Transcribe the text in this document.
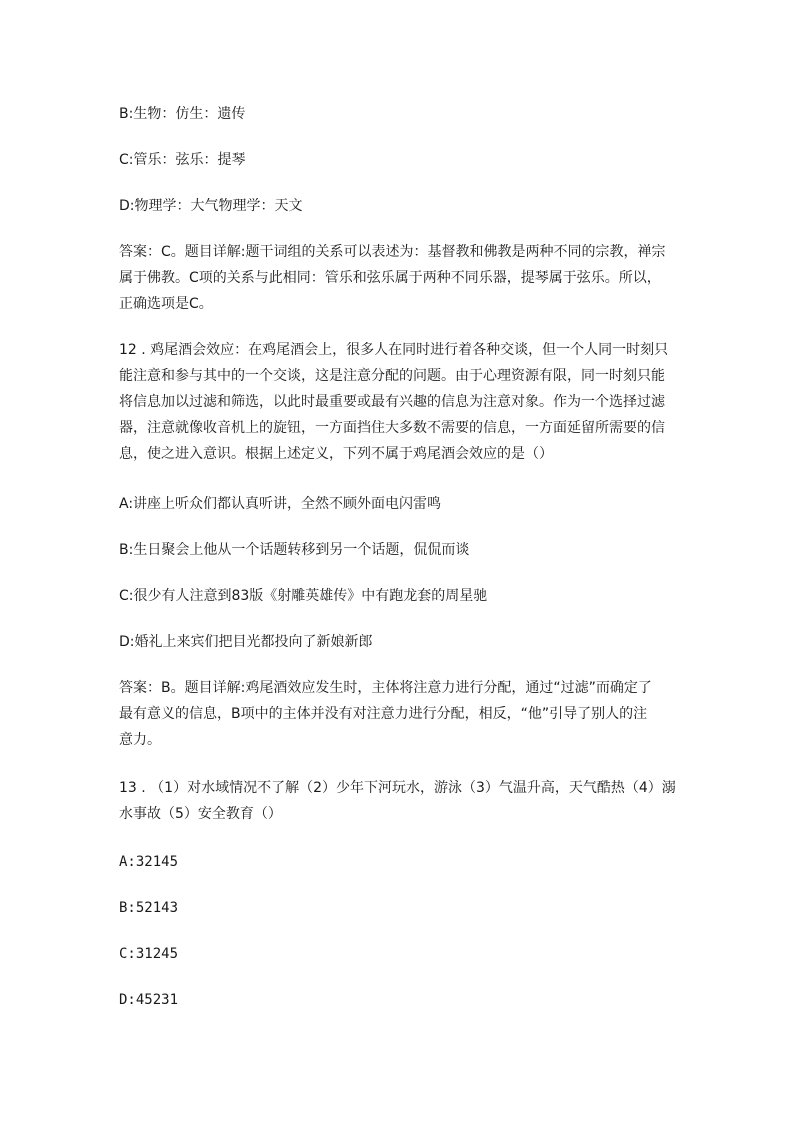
B:生物：仿生：遗传
C:管乐：弦乐：提琴
D:物理学：大气物理学：天文
答案：C。题目详解:题干词组的关系可以表述为：基督教和佛教是两种不同的宗教，禅宗
属于佛教。C项的关系与此相同：管乐和弦乐属于两种不同乐器，提琴属于弦乐。所以，
正确选项是C。
12 . 鸡尾酒会效应：在鸡尾酒会上，很多人在同时进行着各种交谈，但一个人同一时刻只
能注意和参与其中的一个交谈，这是注意分配的问题。由于心理资源有限，同一时刻只能
将信息加以过滤和筛选，以此时最重要或最有兴趣的信息为注意对象。作为一个选择过滤
器，注意就像收音机上的旋钮，一方面挡住大多数不需要的信息，一方面延留所需要的信
息，使之进入意识。根据上述定义，下列不属于鸡尾酒会效应的是（）
A:讲座上听众们都认真听讲，全然不顾外面电闪雷鸣
B:生日聚会上他从一个话题转移到另一个话题，侃侃而谈
C:很少有人注意到83版《射雕英雄传》中有跑龙套的周星驰
D:婚礼上来宾们把目光都投向了新娘新郎
答案：B。题目详解:鸡尾酒效应发生时，主体将注意力进行分配，通过“过滤”而确定了
最有意义的信息，B项中的主体并没有对注意力进行分配，相反，“他”引导了别人的注
意力。
13 . （1）对水域情况不了解（2）少年下河玩水，游泳（3）气温升高，天气酷热（4）溺
水事故（5）安全教育（）
A:32145
B:52143
C:31245
D:45231
